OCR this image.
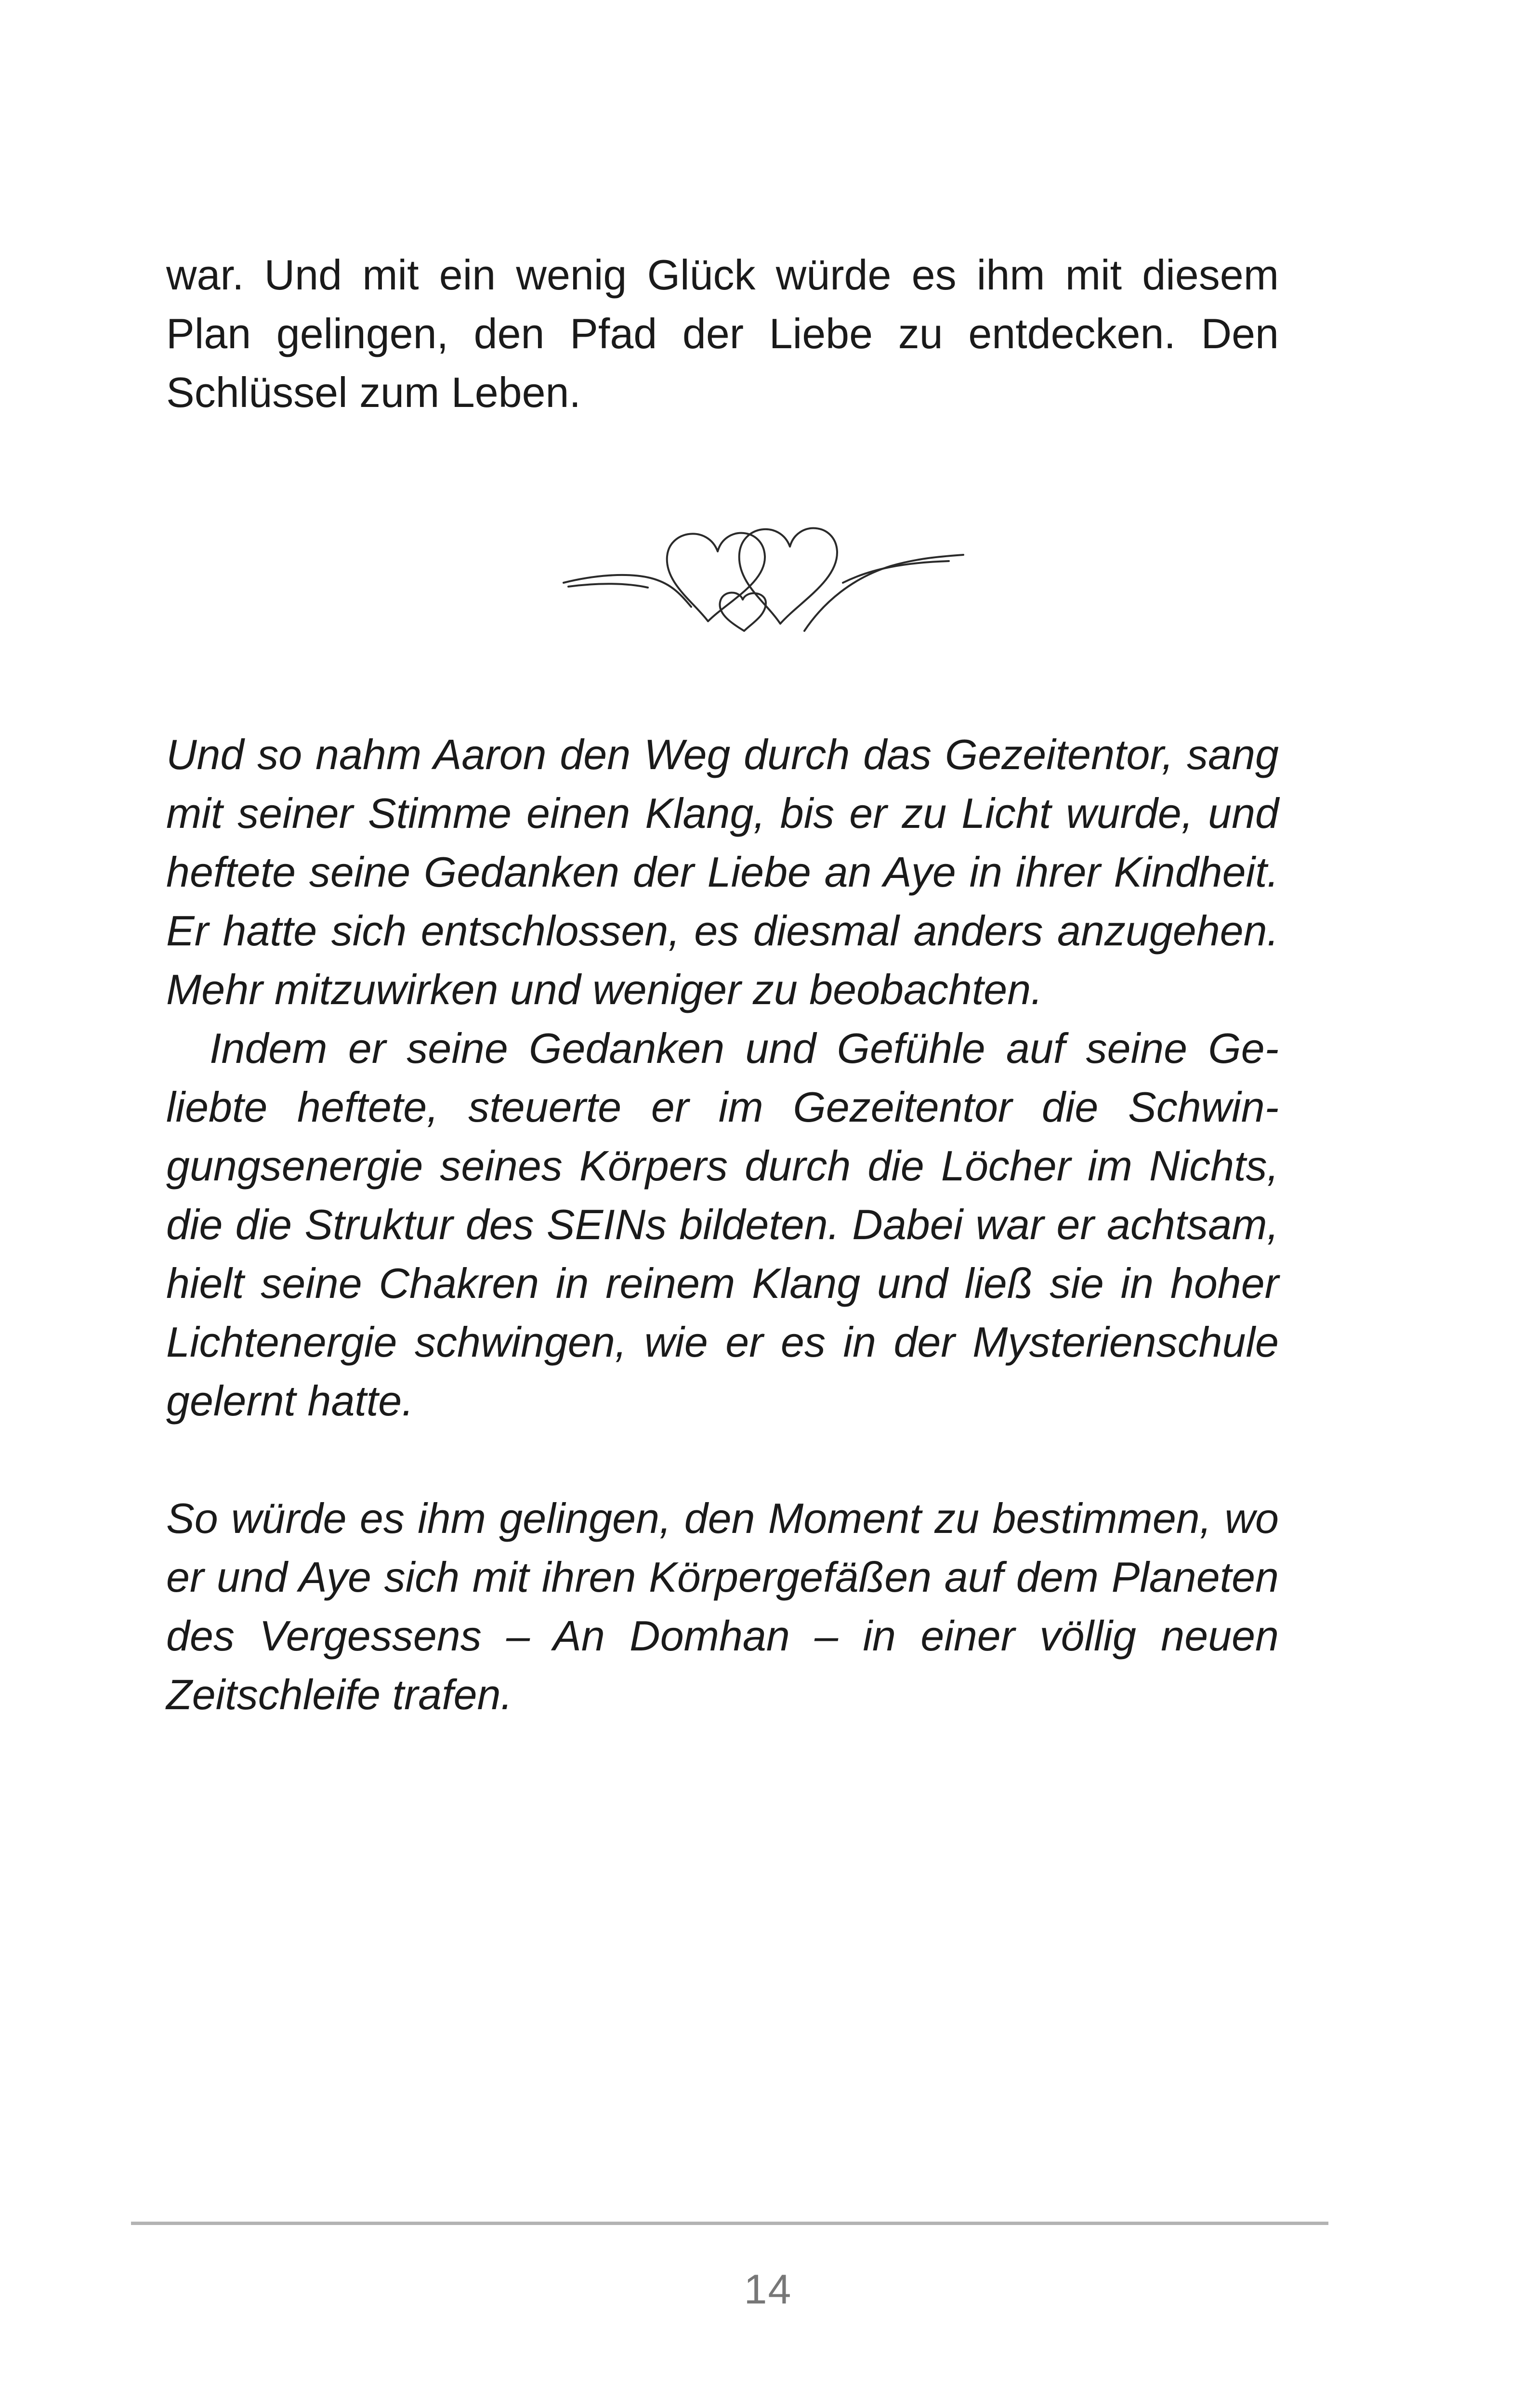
war. Und mit ein wenig Glück würde es ihm mit diesem Plan gelingen, den Pfad der Liebe zu entdecken. Den Schlüssel zum Leben.

Und so nahm Aaron den Weg durch das Gezeitentor, sang mit seiner Stimme einen Klang, bis er zu Licht wurde, und heftete seine Gedanken der Liebe an Aye in ihrer Kindheit. Er hatte sich entschlossen, es diesmal anders anzugehen. Mehr mitzuwirken und weniger zu beobachten.

Indem er seine Gedanken und Gefühle auf seine Geliebte heftete, steuerte er im Gezeitentor die Schwingungsenergie seines Körpers durch die Löcher im Nichts, die die Struktur des SEINs bildeten. Dabei war er achtsam, hielt seine Chakren in reinem Klang und ließ sie in hoher Lichtenergie schwingen, wie er es in der Mysterienschule gelernt hatte.

So würde es ihm gelingen, den Moment zu bestimmen, wo er und Aye sich mit ihren Körpergefäßen auf dem Planeten des Vergessens – An Domhan – in einer völlig neuen Zeitschleife trafen.

14
